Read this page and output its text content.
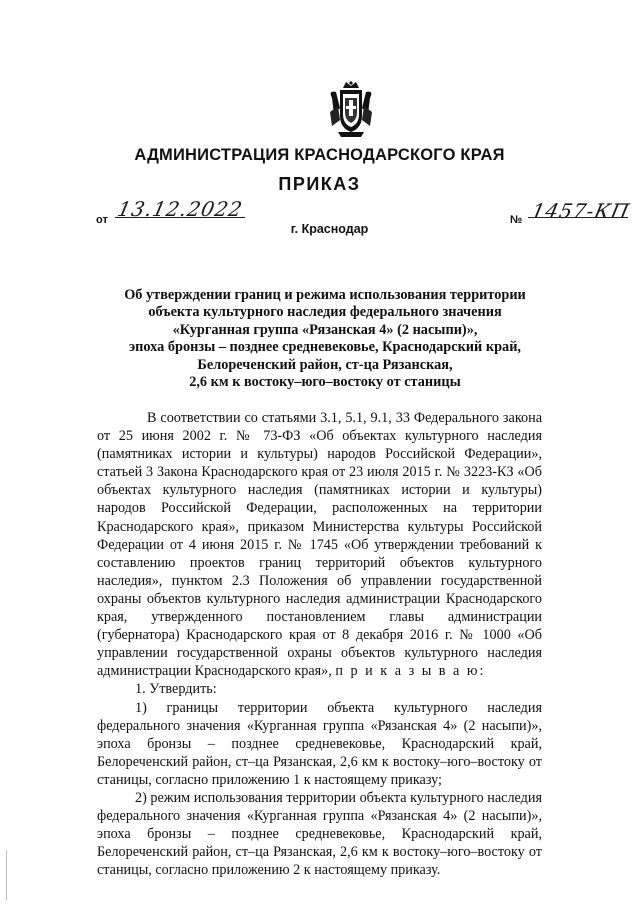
АДМИНИСТРАЦИЯ КРАСНОДАРСКОГО КРАЯ
ПРИКАЗ
от 13.12.2022	№ 1457-КП
г. Краснодар
Об утверждении границ и режима использования территории
объекта культурного наследия федерального значения
«Курганная группа «Рязанская 4» (2 насыпи)»,
эпоха бронзы – позднее средневековье, Краснодарский край,
Белореченский район, ст-ца Рязанская,
2,6 км к востоку–юго–востоку от станицы

В соответствии со статьями 3.1, 5.1, 9.1, 33 Федерального закона от 25 июня 2002 г. № 73-ФЗ «Об объектах культурного наследия (памятниках истории и культуры) народов Российской Федерации», статьей 3 Закона Краснодарского края от 23 июля 2015 г. № 3223-КЗ «Об объектах культурного наследия (памятниках истории и культуры) народов Российской Федерации, расположенных на территории Краснодарского края», приказом Министерства культуры Российской Федерации от 4 июня 2015 г. № 1745 «Об утверждении требований к составлению проектов границ территорий объектов культурного наследия», пунктом 2.3 Положения об управлении государственной охраны объектов культурного наследия администрации Краснодарского края, утвержденного постановлением главы администрации (губернатора) Краснодарского края от 8 декабря 2016 г. № 1000 «Об управлении государственной охраны объектов культурного наследия администрации Краснодарского края», п р и к а з ы в а ю:

1. Утвердить:

1) границы территории объекта культурного наследия федерального значения «Курганная группа «Рязанская 4» (2 насыпи)», эпоха бронзы – позднее средневековье, Краснодарский край, Белореченский район, ст–ца Рязанская, 2,6 км к востоку–юго–востоку от станицы, согласно приложению 1 к настоящему приказу;

2) режим использования территории объекта культурного наследия федерального значения «Курганная группа «Рязанская 4» (2 насыпи)», эпоха бронзы – позднее средневековье, Краснодарский край, Белореченский район, ст–ца Рязанская, 2,6 км к востоку–юго–востоку от станицы, согласно приложению 2 к настоящему приказу.
